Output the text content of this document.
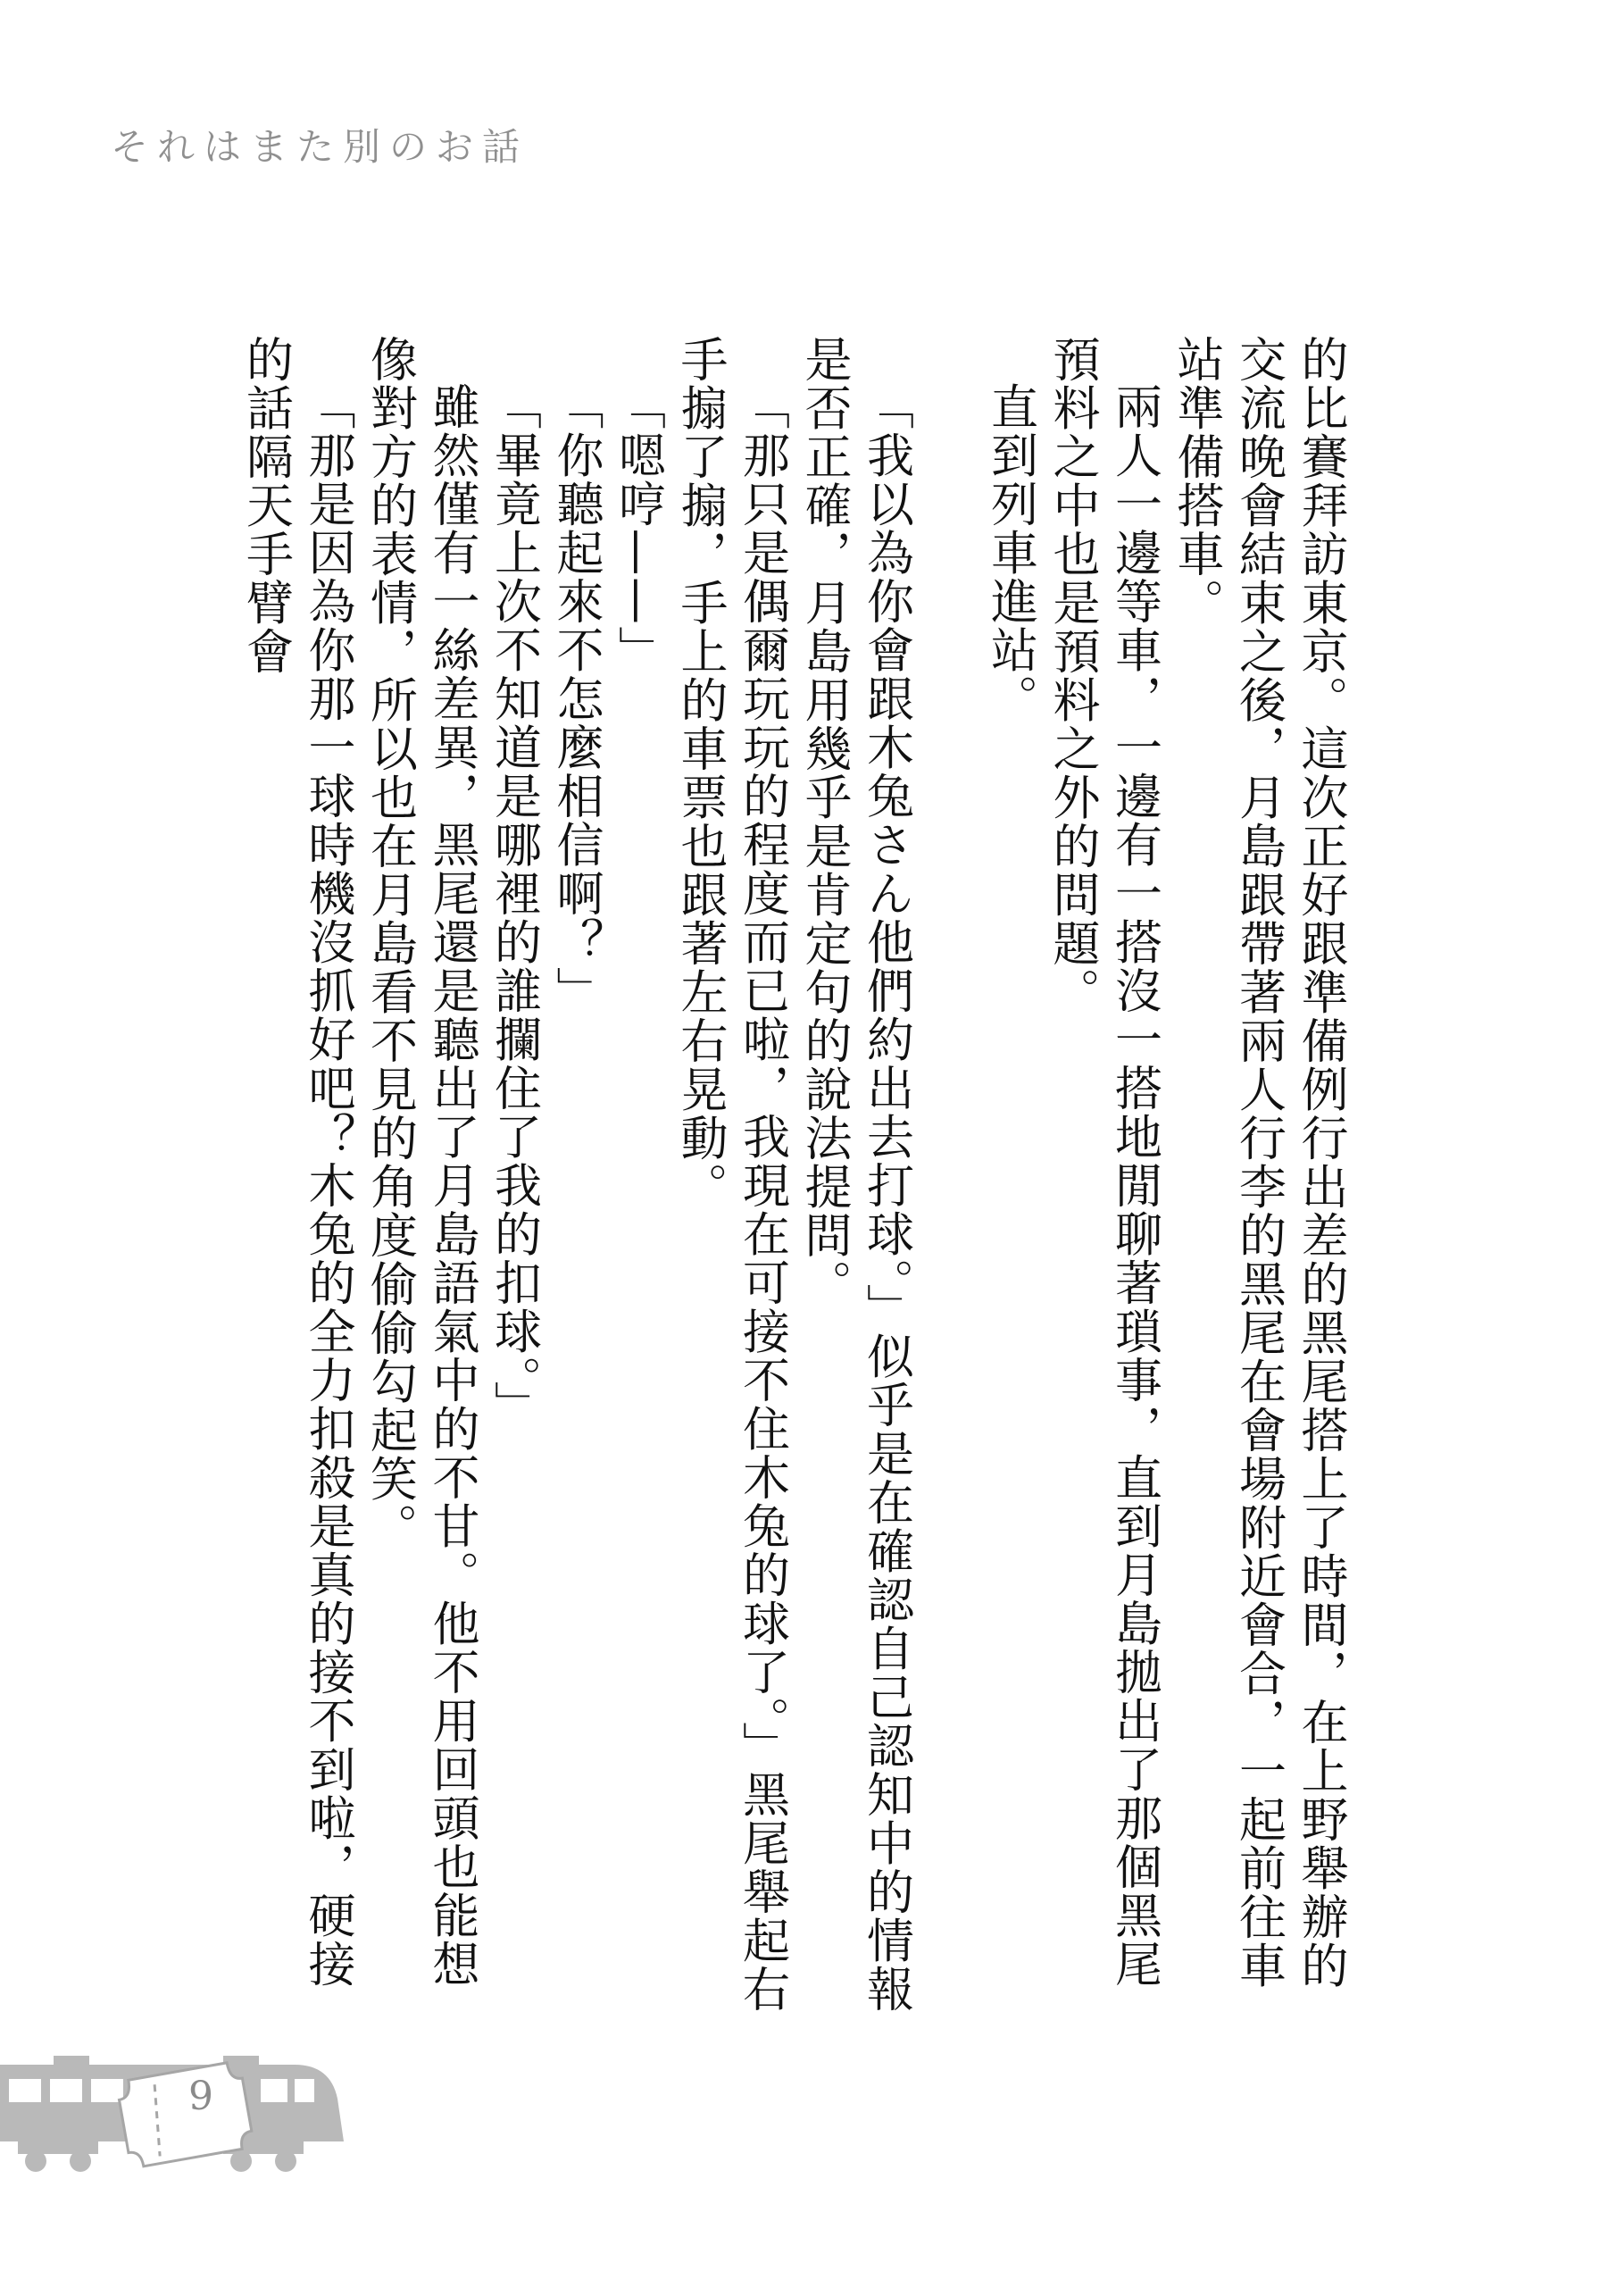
それはまた別のお話

的比賽拜訪東京。這次正好跟準備例行出差的黑尾搭上了時間，在上野舉辦的交流晚會結束之後，月島跟帶著兩人行李的黑尾在會場附近會合，一起前往車站準備搭車。

兩人一邊等車，一邊有一搭沒一搭地閒聊著瑣事，直到月島拋出了那個黑尾預料之中也是預料之外的問題。

直到列車進站。

「我以為你會跟木兔さん他們約出去打球。」似乎是在確認自己認知中的情報是否正確，月島用幾乎是肯定句的說法提問。

「那只是偶爾玩玩的程度而已啦，我現在可接不住木兔的球了。」黑尾舉起右手搧了搧，手上的車票也跟著左右晃動。

「嗯哼——」

「你聽起來不怎麼相信啊？」

「畢竟上次不知道是哪裡的誰攔住了我的扣球。」

雖然僅有一絲差異，黑尾還是聽出了月島語氣中的不甘。他不用回頭也能想像對方的表情，所以也在月島看不見的角度偷偷勾起笑。

「那是因為你那一球時機沒抓好吧？木兔的全力扣殺是真的接不到啦，硬接的話隔天手臂會

9
